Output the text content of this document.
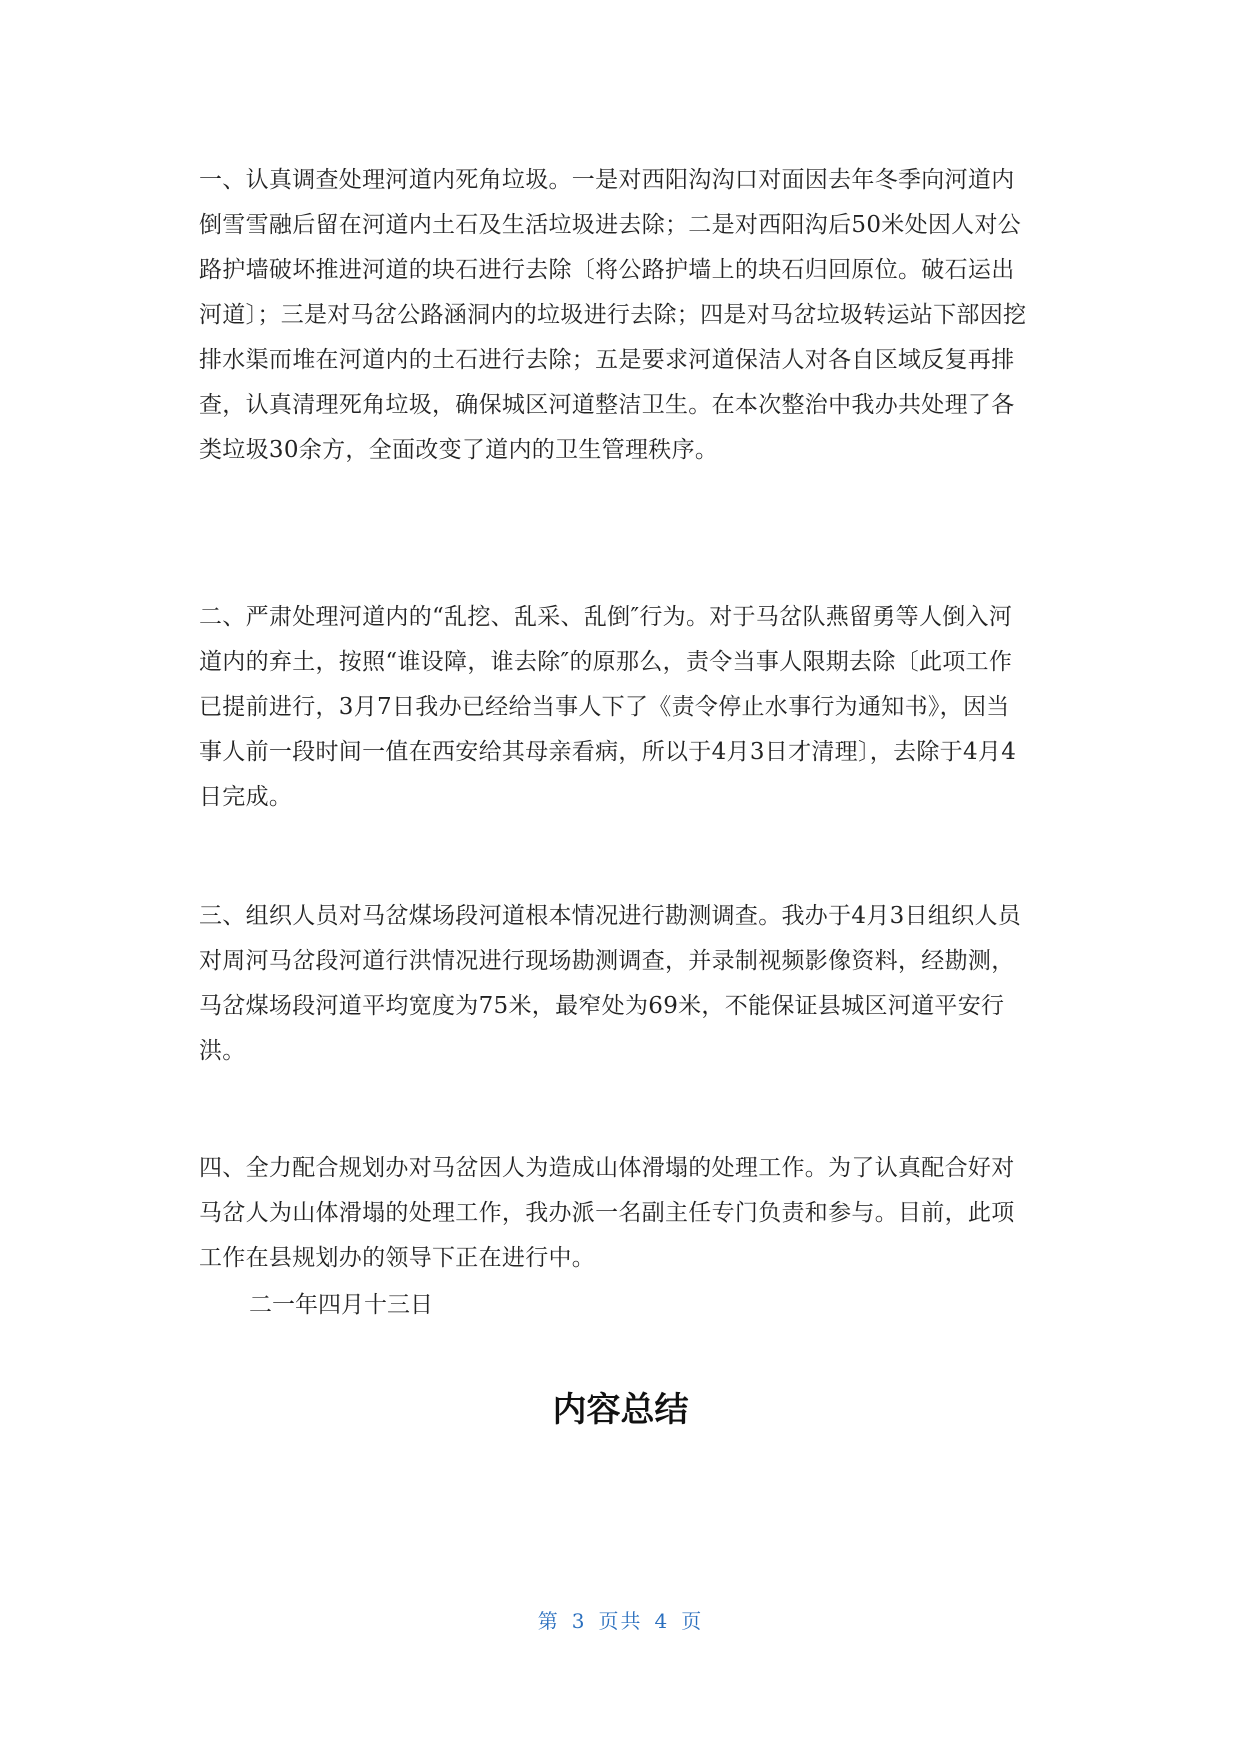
一、认真调查处理河道内死角垃圾。一是对西阳沟沟口对面因去年冬季向河道内倒雪雪融后留在河道内土石及生活垃圾进去除；二是对西阳沟后50米处因人对公路护墙破坏推进河道的块石进行去除〔将公路护墙上的块石归回原位。破石运出河道〕；三是对马岔公路涵洞内的垃圾进行去除；四是对马岔垃圾转运站下部因挖排水渠而堆在河道内的土石进行去除；五是要求河道保洁人对各自区域反复再排查，认真清理死角垃圾，确保城区河道整洁卫生。在本次整治中我办共处理了各类垃圾30余方，全面改变了道内的卫生管理秩序。

二、严肃处理河道内的“乱挖、乱采、乱倒″行为。对于马岔队燕留勇等人倒入河道内的弃土，按照“谁设障，谁去除″的原那么，责令当事人限期去除〔此项工作已提前进行，3月7日我办已经给当事人下了《责令停止水事行为通知书》，因当事人前一段时间一值在西安给其母亲看病，所以于4月3日才清理〕，去除于4月4日完成。

三、组织人员对马岔煤场段河道根本情况进行勘测调查。我办于4月3日组织人员对周河马岔段河道行洪情况进行现场勘测调查，并录制视频影像资料，经勘测，马岔煤场段河道平均宽度为75米，最窄处为69米，不能保证县城区河道平安行洪。

四、全力配合规划办对马岔因人为造成山体滑塌的处理工作。为了认真配合好对马岔人为山体滑塌的处理工作，我办派一名副主任专门负责和参与。目前，此项工作在县规划办的领导下正在进行中。

二一年四月十三日

内容总结
第 3 页共 4 页
